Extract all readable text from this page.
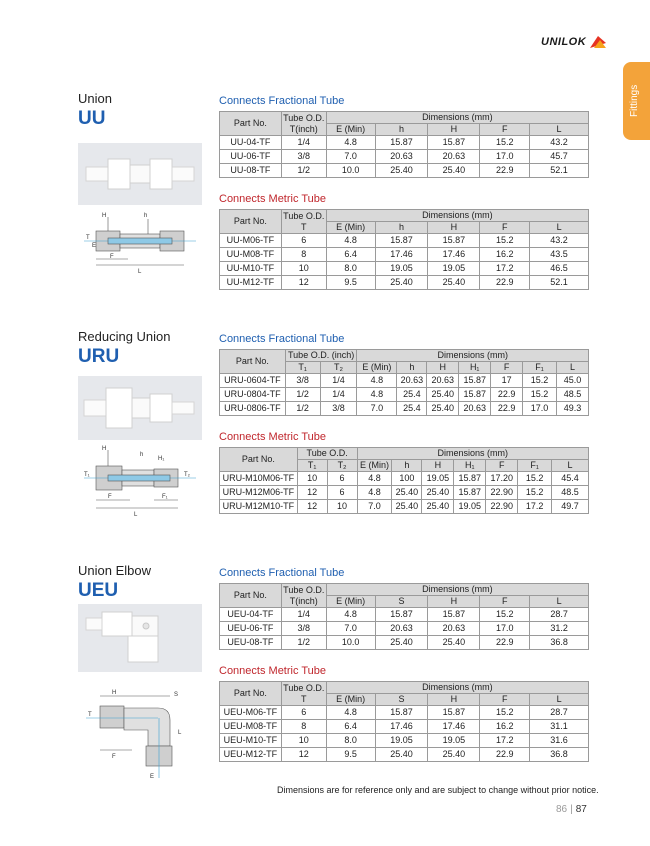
UNILOK
Fittings
Union
UU
H	h
T
E
F
L
Connects Fractional Tube
Part No.	Tube O.D.
T(inch)	Dimensions (mm)				
		E (Min)	h	H	F	L
UU-04-TF	1/4	4.8	15.87	15.87	15.2	43.2
UU-06-TF	3/8	7.0	20.63	20.63	17.0	45.7
UU-08-TF	1/2	10.0	25.40	25.40	22.9	52.1
Connects Metric Tube
Part No.	Tube O.D.
T	Dimensions (mm)				
		E (Min)	h	H	F	L
UU-M06-TF	6	4.8	15.87	15.87	15.2	43.2
UU-M08-TF	8	6.4	17.46	17.46	16.2	43.5
UU-M10-TF	10	8.0	19.05	19.05	17.2	46.5
UU-M12-TF	12	9.5	25.40	25.40	22.9	52.1
Reducing Union
URU
H
h
H₁
T₁	T₂
F	F₁
L
Connects Fractional Tube
Part No.	Tube O.D. (inch)		Dimensions (mm)						
	T₁	T₂	E (Min)	h	H	H₁	F	F₁	L
URU-0604-TF	3/8	1/4	4.8	20.63	20.63	15.87	17	15.2	45.0
URU-0804-TF	1/2	1/4	4.8	25.4	25.40	15.87	22.9	15.2	48.5
URU-0806-TF	1/2	3/8	7.0	25.4	25.40	20.63	22.9	17.0	49.3
Connects Metric Tube
Part No.	Tube O.D.		Dimensions (mm)						
	T₁	T₂	E (Min)	h	H	H₁	F	F₁	L
URU-M10M06-TF	10	6	4.8	100	19.05	15.87	17.20	15.2	45.4
URU-M12M06-TF	12	6	4.8	25.40	25.40	15.87	22.90	15.2	48.5
URU-M12M10-TF	12	10	7.0	25.40	25.40	19.05	22.90	17.2	49.7
Union Elbow
UEU
H	S
T
L
E
F
Connects Fractional Tube
Part No.	Tube O.D.
T(inch)	Dimensions (mm)				
		E (Min)	S	H	F	L
UEU-04-TF	1/4	4.8	15.87	15.87	15.2	28.7
UEU-06-TF	3/8	7.0	20.63	20.63	17.0	31.2
UEU-08-TF	1/2	10.0	25.40	25.40	22.9	36.8
Connects Metric Tube
Part No.	Tube O.D.
T	Dimensions (mm)				
		E (Min)	S	H	F	L
UEU-M06-TF	6	4.8	15.87	15.87	15.2	28.7
UEU-M08-TF	8	6.4	17.46	17.46	16.2	31.1
UEU-M10-TF	10	8.0	19.05	19.05	17.2	31.6
UEU-M12-TF	12	9.5	25.40	25.40	22.9	36.8
Dimensions are for reference only and are subject to change without prior notice.
86 | 87
